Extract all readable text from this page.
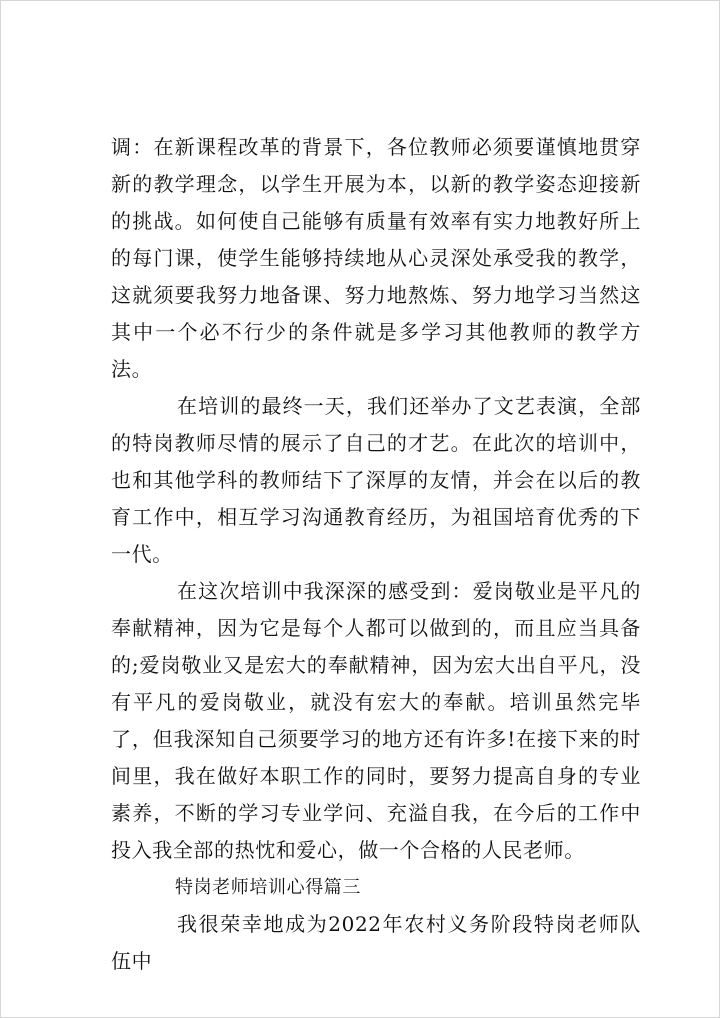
调：在新课程改革的背景下，各位教师必须要谨慎地贯穿新的教学理念，以学生开展为本，以新的教学姿态迎接新的挑战。如何使自己能够有质量有效率有实力地教好所上的每门课，使学生能够持续地从心灵深处承受我的教学，这就须要我努力地备课、努力地熬炼、努力地学习当然这其中一个必不行少的条件就是多学习其他教师的教学方法。

在培训的最终一天，我们还举办了文艺表演，全部的特岗教师尽情的展示了自己的才艺。在此次的培训中，也和其他学科的教师结下了深厚的友情，并会在以后的教育工作中，相互学习沟通教育经历，为祖国培育优秀的下一代。

在这次培训中我深深的感受到：爱岗敬业是平凡的奉献精神，因为它是每个人都可以做到的，而且应当具备的;爱岗敬业又是宏大的奉献精神，因为宏大出自平凡，没有平凡的爱岗敬业，就没有宏大的奉献。培训虽然完毕了，但我深知自己须要学习的地方还有许多!在接下来的时间里，我在做好本职工作的同时，要努力提高自身的专业素养，不断的学习专业学问、充溢自我，在今后的工作中投入我全部的热忱和爱心，做一个合格的人民老师。

特岗老师培训心得篇三

我很荣幸地成为2022年农村义务阶段特岗老师队伍中
